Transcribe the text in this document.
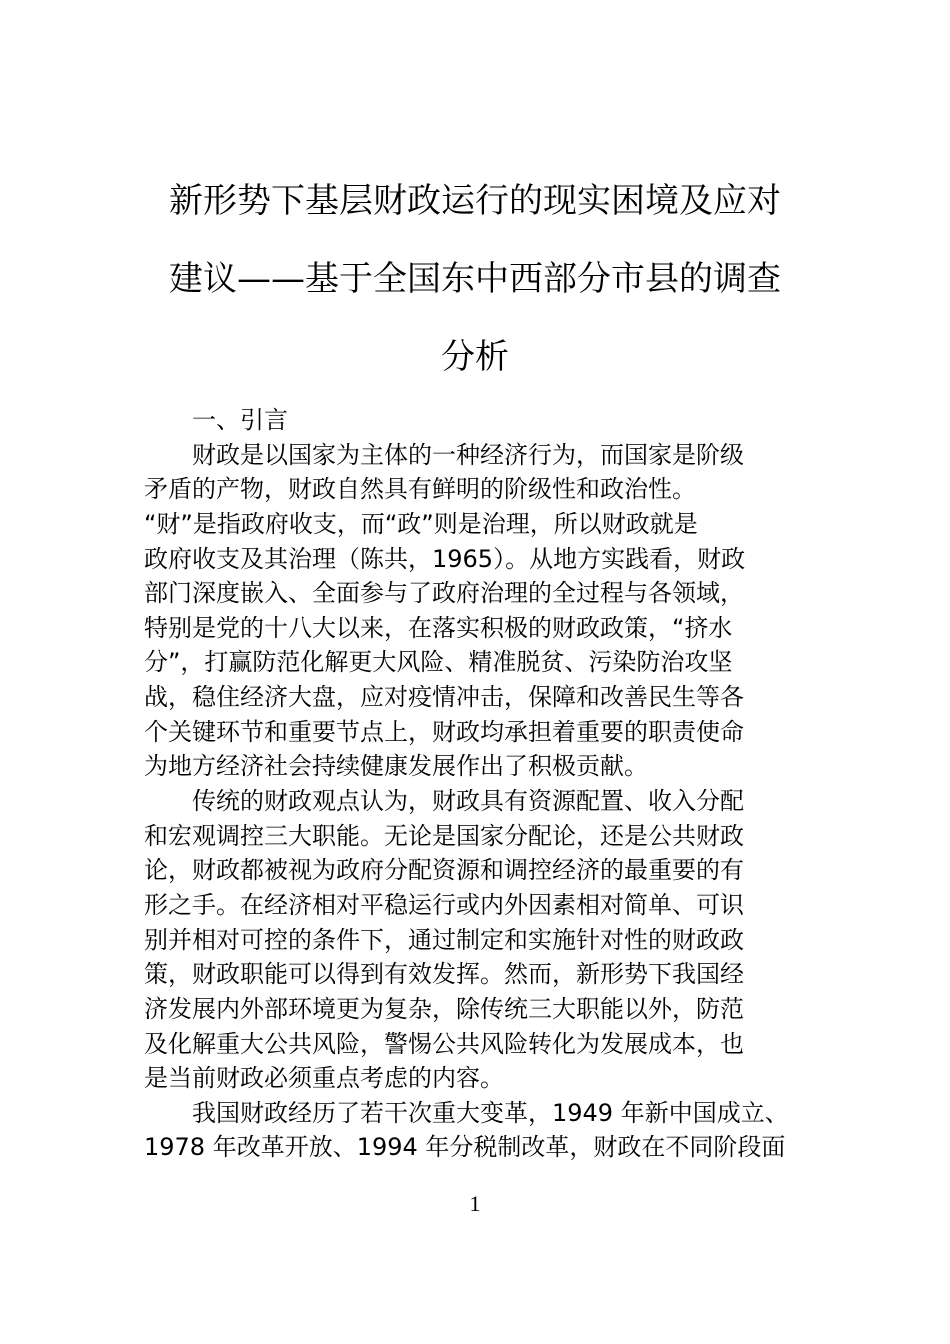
新形势下基层财政运行的现实困境及应对
建议——基于全国东中西部分市县的调查
分析
一、引言
财政是以国家为主体的一种经济行为，而国家是阶级
矛盾的产物，财政自然具有鲜明的阶级性和政治性。
“财”是指政府收支，而“政”则是治理，所以财政就是
政府收支及其治理（陈共，1965）。从地方实践看，财政
部门深度嵌入、全面参与了政府治理的全过程与各领域，
特别是党的十八大以来，在落实积极的财政政策，“挤水
分”，打赢防范化解更大风险、精准脱贫、污染防治攻坚
战，稳住经济大盘，应对疫情冲击，保障和改善民生等各
个关键环节和重要节点上，财政均承担着重要的职责使命
为地方经济社会持续健康发展作出了积极贡献。
传统的财政观点认为，财政具有资源配置、收入分配
和宏观调控三大职能。无论是国家分配论，还是公共财政
论，财政都被视为政府分配资源和调控经济的最重要的有
形之手。在经济相对平稳运行或内外因素相对简单、可识
别并相对可控的条件下，通过制定和实施针对性的财政政
策，财政职能可以得到有效发挥。然而，新形势下我国经
济发展内外部环境更为复杂，除传统三大职能以外，防范
及化解重大公共风险，警惕公共风险转化为发展成本，也
是当前财政必须重点考虑的内容。
我国财政经历了若干次重大变革，1949 年新中国成立、
1978 年改革开放、1994 年分税制改革，财政在不同阶段面
1
